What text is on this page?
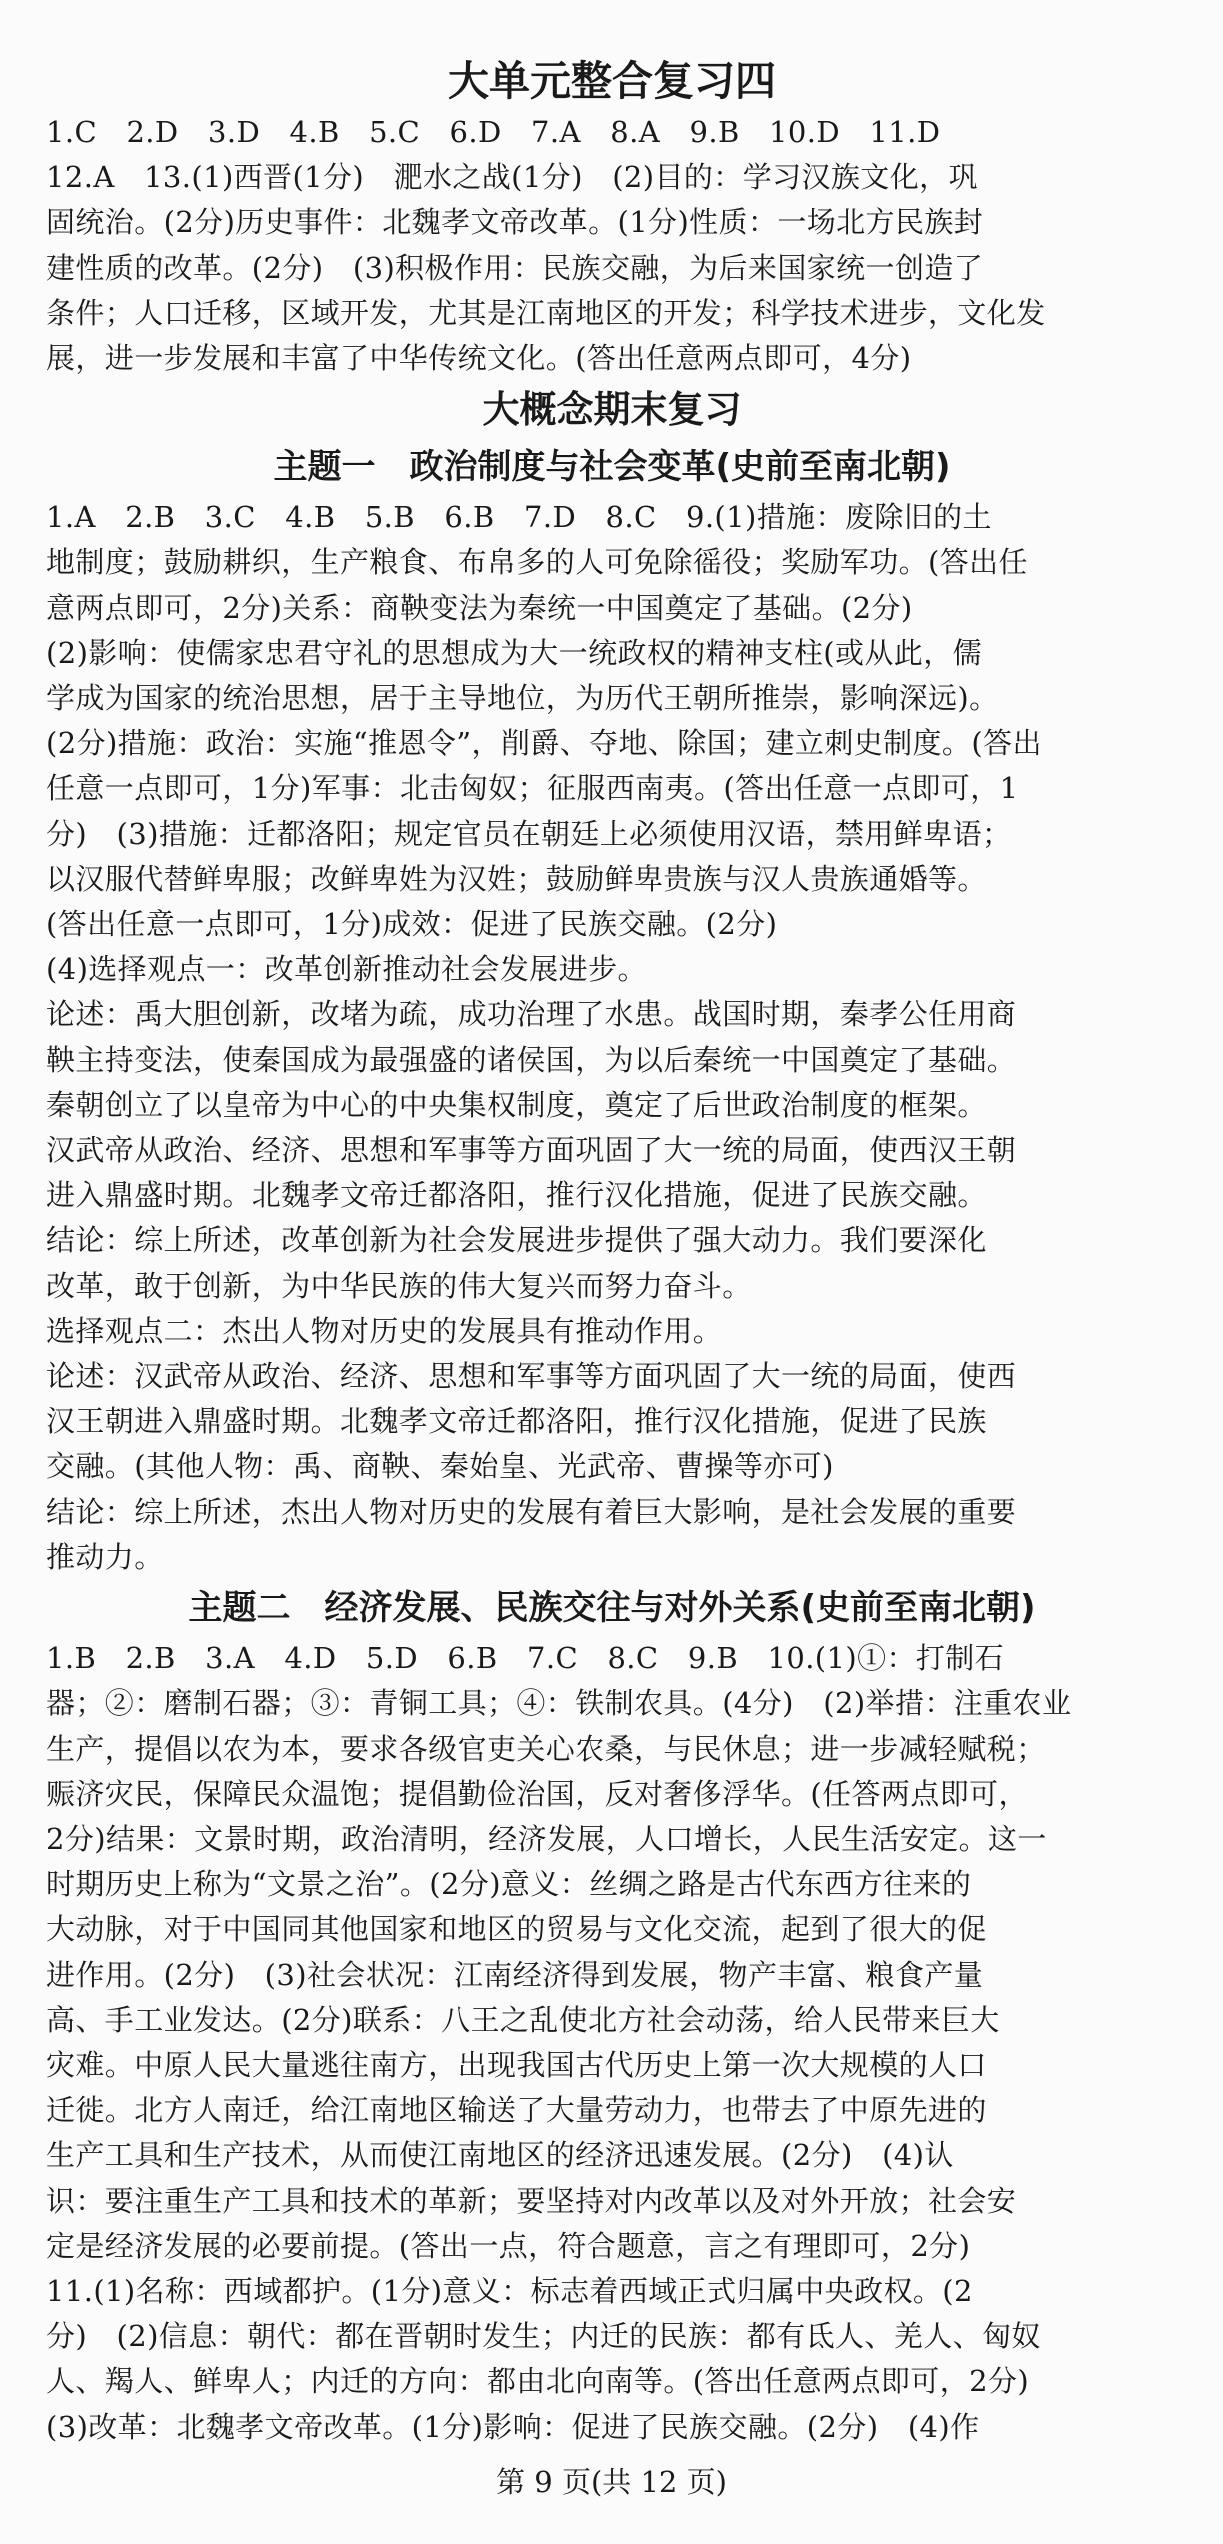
大单元整合复习四

1.C　2.D　3.D　4.B　5.C　6.D　7.A　8.A　9.B　10.D　11.D

12.A　13.(1)西晋(1分)　淝水之战(1分)　(2)目的：学习汉族文化，巩

固统治。(2分)历史事件：北魏孝文帝改革。(1分)性质：一场北方民族封

建性质的改革。(2分)　(3)积极作用：民族交融，为后来国家统一创造了

条件；人口迁移，区域开发，尤其是江南地区的开发；科学技术进步，文化发

展，进一步发展和丰富了中华传统文化。(答出任意两点即可，4分)

大概念期末复习
主题一　政治制度与社会变革(史前至南北朝)

1.A　2.B　3.C　4.B　5.B　6.B　7.D　8.C　9.(1)措施：废除旧的土

地制度；鼓励耕织，生产粮食、布帛多的人可免除徭役；奖励军功。(答出任

意两点即可，2分)关系：商鞅变法为秦统一中国奠定了基础。(2分)

(2)影响：使儒家忠君守礼的思想成为大一统政权的精神支柱(或从此，儒

学成为国家的统治思想，居于主导地位，为历代王朝所推崇，影响深远)。

(2分)措施：政治：实施“推恩令”，削爵、夺地、除国；建立刺史制度。(答出

任意一点即可，1分)军事：北击匈奴；征服西南夷。(答出任意一点即可，1

分)　(3)措施：迁都洛阳；规定官员在朝廷上必须使用汉语，禁用鲜卑语；

以汉服代替鲜卑服；改鲜卑姓为汉姓；鼓励鲜卑贵族与汉人贵族通婚等。

(答出任意一点即可，1分)成效：促进了民族交融。(2分)

(4)选择观点一：改革创新推动社会发展进步。

论述：禹大胆创新，改堵为疏，成功治理了水患。战国时期，秦孝公任用商

鞅主持变法，使秦国成为最强盛的诸侯国，为以后秦统一中国奠定了基础。

秦朝创立了以皇帝为中心的中央集权制度，奠定了后世政治制度的框架。

汉武帝从政治、经济、思想和军事等方面巩固了大一统的局面，使西汉王朝

进入鼎盛时期。北魏孝文帝迁都洛阳，推行汉化措施，促进了民族交融。

结论：综上所述，改革创新为社会发展进步提供了强大动力。我们要深化

改革，敢于创新，为中华民族的伟大复兴而努力奋斗。

选择观点二：杰出人物对历史的发展具有推动作用。

论述：汉武帝从政治、经济、思想和军事等方面巩固了大一统的局面，使西

汉王朝进入鼎盛时期。北魏孝文帝迁都洛阳，推行汉化措施，促进了民族

交融。(其他人物：禹、商鞅、秦始皇、光武帝、曹操等亦可)

结论：综上所述，杰出人物对历史的发展有着巨大影响，是社会发展的重要

推动力。

主题二　经济发展、民族交往与对外关系(史前至南北朝)

1.B　2.B　3.A　4.D　5.D　6.B　7.C　8.C　9.B　10.(1)①：打制石

器；②：磨制石器；③：青铜工具；④：铁制农具。(4分)　(2)举措：注重农业

生产，提倡以农为本，要求各级官吏关心农桑，与民休息；进一步减轻赋税；

赈济灾民，保障民众温饱；提倡勤俭治国，反对奢侈浮华。(任答两点即可，

2分)结果：文景时期，政治清明，经济发展，人口增长，人民生活安定。这一

时期历史上称为“文景之治”。(2分)意义：丝绸之路是古代东西方往来的

大动脉，对于中国同其他国家和地区的贸易与文化交流，起到了很大的促

进作用。(2分)　(3)社会状况：江南经济得到发展，物产丰富、粮食产量

高、手工业发达。(2分)联系：八王之乱使北方社会动荡，给人民带来巨大

灾难。中原人民大量逃往南方，出现我国古代历史上第一次大规模的人口

迁徙。北方人南迁，给江南地区输送了大量劳动力，也带去了中原先进的

生产工具和生产技术，从而使江南地区的经济迅速发展。(2分)　(4)认

识：要注重生产工具和技术的革新；要坚持对内改革以及对外开放；社会安

定是经济发展的必要前提。(答出一点，符合题意，言之有理即可，2分)

11.(1)名称：西域都护。(1分)意义：标志着西域正式归属中央政权。(2

分)　(2)信息：朝代：都在晋朝时发生；内迁的民族：都有氐人、羌人、匈奴

人、羯人、鲜卑人；内迁的方向：都由北向南等。(答出任意两点即可，2分)

(3)改革：北魏孝文帝改革。(1分)影响：促进了民族交融。(2分)　(4)作

第 9 页(共 12 页)
